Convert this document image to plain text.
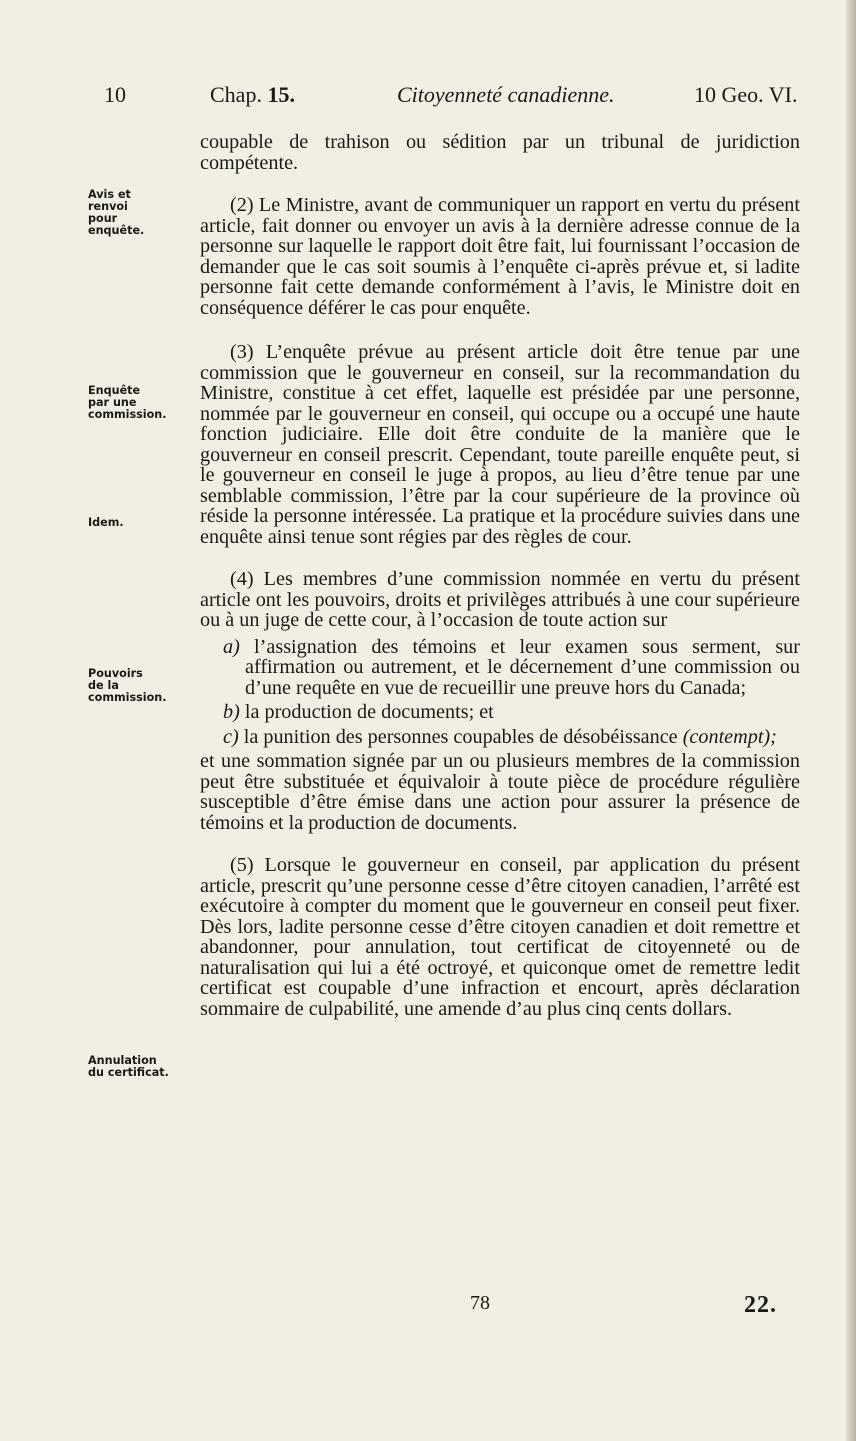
10	Chap. 15.	Citoyenneté canadienne.	10 Geo. VI.
Avis et
renvoi
pour
enquête.
Enquête
par une
commission.
Idem.
Pouvoirs
de la
commission.
Annulation
du certificat.

coupable de trahison ou sédition par un tribunal de juridiction compétente.

(2) Le Ministre, avant de communiquer un rapport en vertu du présent article, fait donner ou envoyer un avis à la dernière adresse connue de la personne sur laquelle le rapport doit être fait, lui fournissant l’occasion de demander que le cas soit soumis à l’enquête ci-après prévue et, si ladite personne fait cette demande conformément à l’avis, le Ministre doit en conséquence déférer le cas pour enquête.

(3) L’enquête prévue au présent article doit être tenue par une commission que le gouverneur en conseil, sur la recommandation du Ministre, constitue à cet effet, laquelle est présidée par une personne, nommée par le gouverneur en conseil, qui occupe ou a occupé une haute fonction judiciaire. Elle doit être conduite de la manière que le gouverneur en conseil prescrit. Cependant, toute pareille enquête peut, si le gouverneur en conseil le juge à propos, au lieu d’être tenue par une semblable commission, l’être par la cour supérieure de la province où réside la personne intéressée. La pratique et la procédure suivies dans une enquête ainsi tenue sont régies par des règles de cour.

(4) Les membres d’une commission nommée en vertu du présent article ont les pouvoirs, droits et privilèges attribués à une cour supérieure ou à un juge de cette cour, à l’occasion de toute action sur

a) l’assignation des témoins et leur examen sous serment, sur affirmation ou autrement, et le décernement d’une commission ou d’une requête en vue de recueillir une preuve hors du Canada;

b) la production de documents; et

c) la punition des personnes coupables de désobéissance (contempt);

et une sommation signée par un ou plusieurs membres de la commission peut être substituée et équivaloir à toute pièce de procédure régulière susceptible d’être émise dans une action pour assurer la présence de témoins et la production de documents.

(5) Lorsque le gouverneur en conseil, par application du présent article, prescrit qu’une personne cesse d’être citoyen canadien, l’arrêté est exécutoire à compter du moment que le gouverneur en conseil peut fixer. Dès lors, ladite personne cesse d’être citoyen canadien et doit remettre et abandonner, pour annulation, tout certificat de citoyenneté ou de naturalisation qui lui a été octroyé, et quiconque omet de remettre ledit certificat est coupable d’une infraction et encourt, après déclaration sommaire de culpabilité, une amende d’au plus cinq cents dollars.

78	22.
